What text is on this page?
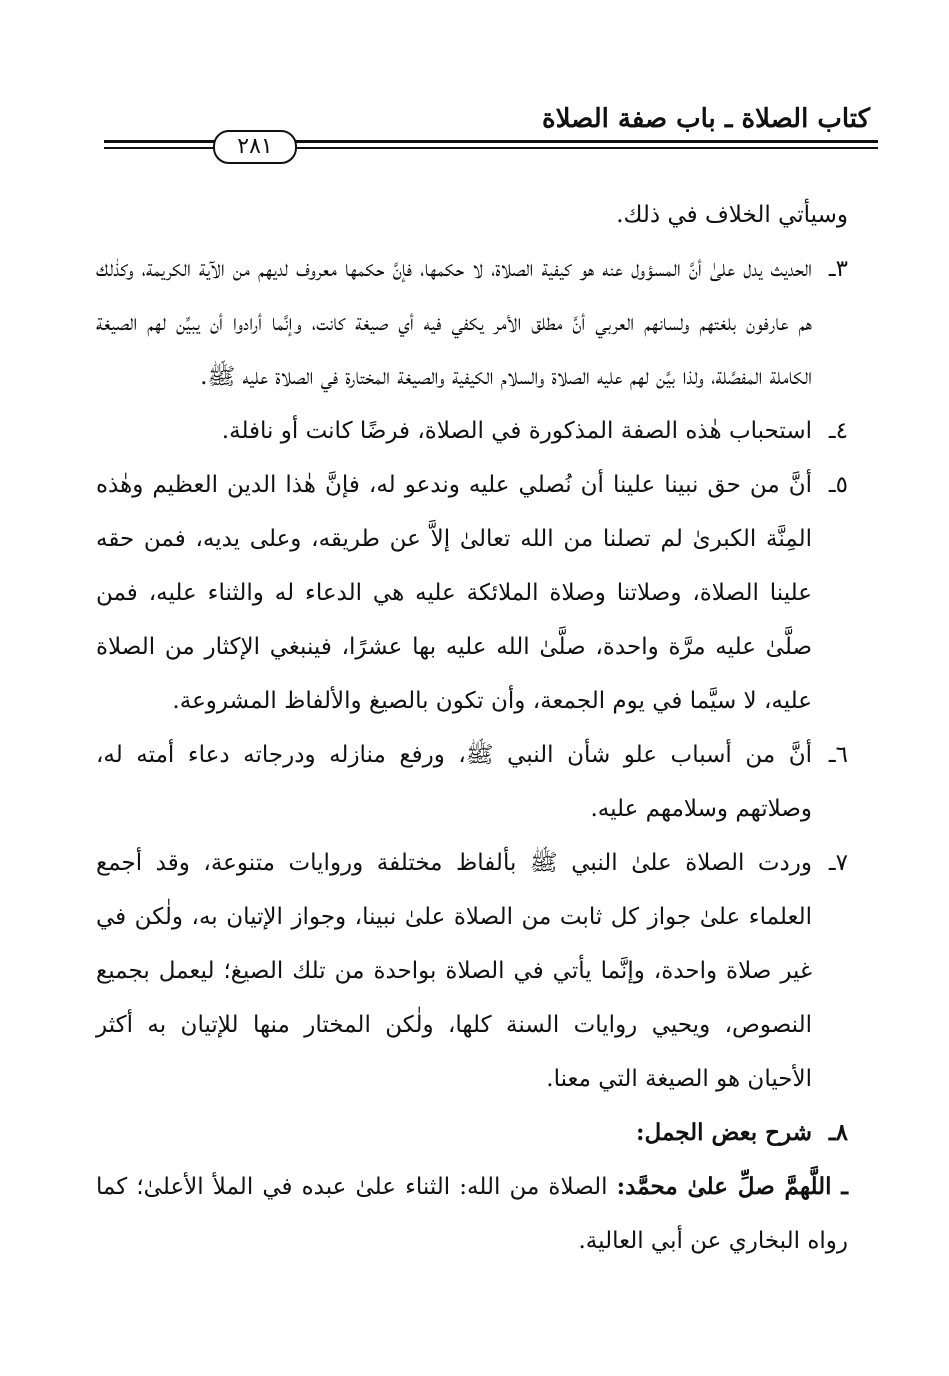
كتاب الصلاة ـ باب صفة الصلاة
٢٨١

وسيأتي الخلاف في ذلك.

٣ـ
الحديث يدل علىٰ أنَّ المسؤول عنه هو كيفية الصلاة، لا حكمها، فإنَّ حكمها معروف لديهم من الآية الكريمة، وكذٰلك هم عارفون بلغتهم ولسانهم العربي أنَّ مطلق الأمر يكفي فيه أي صيغة كانت، وإنَّما أرادوا أن يبيِّن لهم الصيغة الكاملة المفصَّلة، ولذا بيَّن لهم عليه الصلاة والسلام الكيفية والصيغة المختارة في الصلاة عليه ﷺ.

٤ـ
استحباب هٰذه الصفة المذكورة في الصلاة، فرضًا كانت أو نافلة.

٥ـ
أنَّ من حق نبينا علينا أن نُصلي عليه وندعو له، فإنَّ هٰذا الدين العظيم وهٰذه المِنَّة الكبرىٰ لم تصلنا من الله تعالىٰ إلاَّ عن طريقه، وعلى يديه، فمن حقه علينا الصلاة، وصلاتنا وصلاة الملائكة عليه هي الدعاء له والثناء عليه، فمن صلَّىٰ عليه مرَّة واحدة، صلَّىٰ الله عليه بها عشرًا، فينبغي الإكثار من الصلاة عليه، لا سيَّما في يوم الجمعة، وأن تكون بالصيغ والألفاظ المشروعة.

٦ـ
أنَّ من أسباب علو شأن النبي ﷺ، ورفع منازله ودرجاته دعاء أمته له، وصلاتهم وسلامهم عليه.

٧ـ
وردت الصلاة علىٰ النبي ﷺ بألفاظ مختلفة وروايات متنوعة، وقد أجمع العلماء علىٰ جواز كل ثابت من الصلاة علىٰ نبينا، وجواز الإتيان به، ولٰكن في غير صلاة واحدة، وإنَّما يأتي في الصلاة بواحدة من تلك الصيغ؛ ليعمل بجميع النصوص، ويحيي روايات السنة كلها، ولٰكن المختار منها للإتيان به أكثر الأحيان هو الصيغة التي معنا.

٨ـ
شرح بعض الجمل:

ـ اللَّهمَّ صلِّ علىٰ محمَّد: الصلاة من الله: الثناء علىٰ عبده في الملأ الأعلىٰ؛ كما رواه البخاري عن أبي العالية.
